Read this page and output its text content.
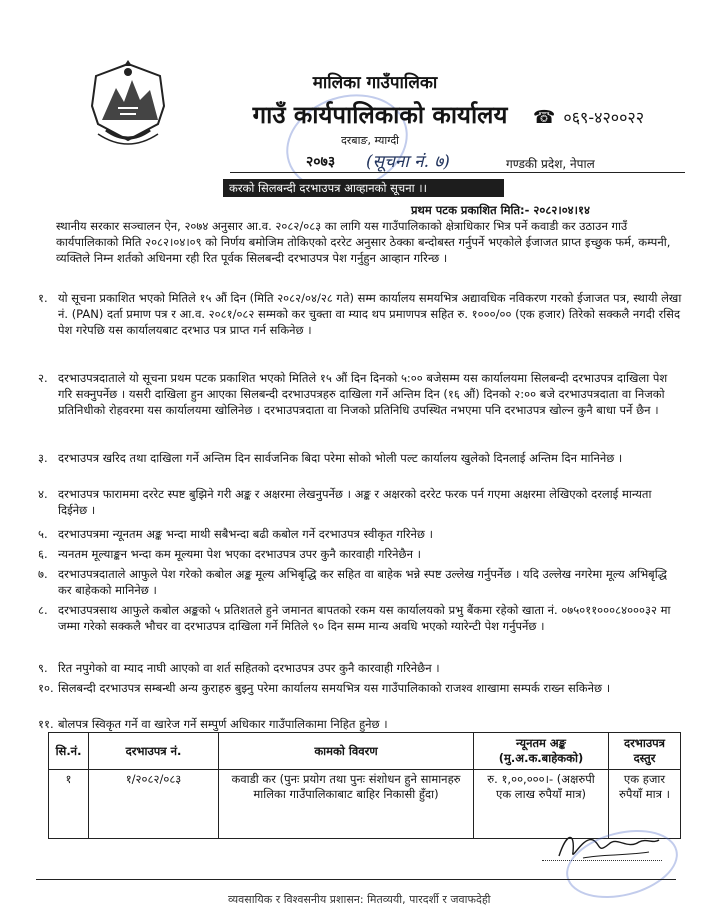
मालिका गाउँपालिका
गाउँ कार्यपालिकाको कार्यालय
दरबाङ, म्याग्दी
☎ ०६९-४२००२२
२०७३ (सूचना नं. ७)	गण्डकी प्रदेश, नेपाल
करको सिलबन्दी दरभाउपत्र आव्हानको सूचना ।।
प्रथम पटक प्रकाशित मिति:- २०८२।०४।१४

स्थानीय सरकार सञ्चालन ऐन, २०७४ अनुसार आ.व. २०८२/०८३ का लागि यस गाउँपालिकाको क्षेत्राधिकार भित्र पर्ने कवाडी कर उठाउन गाउँ कार्यपालिकाको मिति २०८२।०४।०९ को निर्णय बमोजिम तोकिएको दररेट अनुसार ठेक्का बन्दोबस्त गर्नुपर्ने भएकोले ईजाजत प्राप्त इच्छुक फर्म, कम्पनी, व्यक्तिले निम्न शर्तको अधिनमा रही रित पूर्वक सिलबन्दी दरभाउपत्र पेश गर्नुहुन आव्हान गरिन्छ ।

१. यो सूचना प्रकाशित भएको मितिले १५ औं दिन (मिति २०८२/०४/२८ गते) सम्म कार्यालय समयभित्र अद्यावधिक नविकरण गरको ईजाजत पत्र, स्थायी लेखा नं. (PAN) दर्ता प्रमाण पत्र र आ.व. २०८१/०८२ सम्मको कर चुक्ता वा म्याद थप प्रमाणपत्र सहित रु. १०००/०० (एक हजार) तिरेको सक्कलै नगदी रसिद पेश गरेपछि यस कार्यालयबाट दरभाउ पत्र प्राप्त गर्न सकिनेछ ।
२. दरभाउपत्रदाताले यो सूचना प्रथम पटक प्रकाशित भएको मितिले १५ औं दिन दिनको ५:०० बजेसम्म यस कार्यालयमा सिलबन्दी दरभाउपत्र दाखिला पेश गरि सक्नुपर्नेछ । यसरी दाखिला हुन आएका सिलबन्दी दरभाउपत्रहरु दाखिला गर्ने अन्तिम दिन (१६ औं) दिनको २:०० बजे दरभाउपत्रदाता वा निजको प्रतिनिधीको रोहवरमा यस कार्यालयमा खोलिनेछ । दरभाउपत्रदाता वा निजको प्रतिनिधि उपस्थित नभएमा पनि दरभाउपत्र खोल्न कुनै बाधा पर्ने छैन ।
३. दरभाउपत्र खरिद तथा दाखिला गर्ने अन्तिम दिन सार्वजनिक बिदा परेमा सोको भोली पल्ट कार्यालय खुलेको दिनलाई अन्तिम दिन मानिनेछ ।
४. दरभाउपत्र फाराममा दररेट स्पष्ट बुझिने गरी अङ्क र अक्षरमा लेखनुपर्नेछ । अङ्क र अक्षरको दररेट फरक पर्न गएमा अक्षरमा लेखिएको दरलाई मान्यता दिईनेछ ।
५. दरभाउपत्रमा न्यूनतम अङ्क भन्दा माथी सबैभन्दा बढी कबोल गर्ने दरभाउपत्र स्वीकृत गरिनेछ ।
६. न्यनतम मूल्याङ्कन भन्दा कम मूल्यमा पेश भएका दरभाउपत्र उपर कुनै कारवाही गरिनेछैन ।
७. दरभाउपत्रदाताले आफुले पेश गरेको कबोल अङ्क मूल्य अभिबृद्धि कर सहित वा बाहेक भन्ने स्पष्ट उल्लेख गर्नुपर्नेछ । यदि उल्लेख नगरेमा मूल्य अभिबृद्धि कर बाहेकको मानिनेछ ।
८. दरभाउपत्रसाथ आफुले कबोल अङ्कको ५ प्रतिशतले हुने जमानत बापतको रकम यस कार्यालयको प्रभु बैंकमा रहेको खाता नं. ०७५०११०००८४०००३२ मा जम्मा गरेको सक्कलै भौचर वा दरभाउपत्र दाखिला गर्ने मितिले ९० दिन सम्म मान्य अवधि भएको ग्यारेन्टी पेश गर्नुपर्नेछ ।
९. रित नपुगेको वा म्याद नाघी आएको वा शर्त सहितको दरभाउपत्र उपर कुनै कारवाही गरिनेछैन ।
१०. सिलबन्दी दरभाउपत्र सम्बन्धी अन्य कुराहरु बुझ्नु परेमा कार्यालय समयभित्र यस गाउँपालिकाको राजश्व शाखामा सम्पर्क राख्न सकिनेछ ।
११. बोलपत्र स्विकृत गर्ने वा खारेज गर्ने सम्पुर्ण अधिकार गाउँपालिकामा निहित हुनेछ ।
सि.नं.	दरभाउपत्र नं.	कामको विवरण	न्यूनतम अङ्क (मु.अ.क.बाहेकको)	दरभाउपत्र दस्तुर
१	१/२०८२/०८३	कवाडी कर (पुनः प्रयोग तथा पुनः संशोधन हुने सामानहरु मालिका गाउँपालिकाबाट बाहिर निकासी हुँदा)	रु. १,००,०००।- (अक्षरुपी एक लाख रुपैयाँ मात्र)	एक हजार रुपैयाँ मात्र ।
व्यवसायिक र विश्वसनीय प्रशासन: मितव्ययी, पारदर्शी र जवाफदेही
